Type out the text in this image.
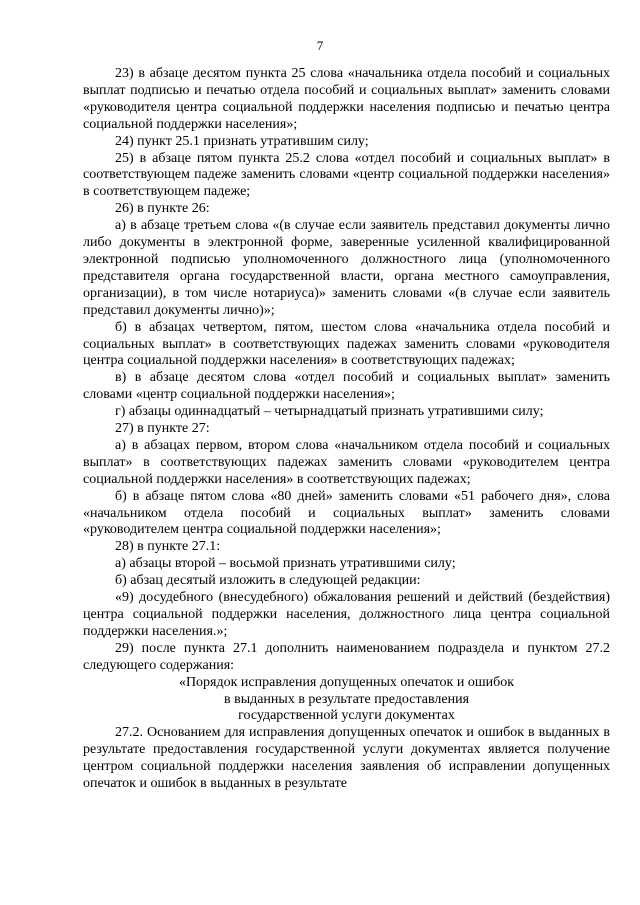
7

23) в абзаце десятом пункта 25 слова «начальника отдела пособий и социальных выплат подписью и печатью отдела пособий и социальных выплат» заменить словами «руководителя центра социальной поддержки населения подписью и печатью центра социальной поддержки населения»;

24) пункт 25.1 признать утратившим силу;

25) в абзаце пятом пункта 25.2 слова «отдел пособий и социальных выплат» в соответствующем падеже заменить словами «центр социальной поддержки населения» в соответствующем падеже;

26) в пункте 26:

а) в абзаце третьем слова «(в случае если заявитель представил документы лично либо документы в электронной форме, заверенные усиленной квалифицированной электронной подписью уполномоченного должностного лица (уполномоченного представителя органа государственной власти, органа местного самоуправления, организации), в том числе нотариуса)» заменить словами «(в случае если заявитель представил документы лично)»;

б) в абзацах четвертом, пятом, шестом слова «начальника отдела пособий и социальных выплат» в соответствующих падежах заменить словами «руководителя центра социальной поддержки населения» в соответствующих падежах;

в) в абзаце десятом слова «отдел пособий и социальных выплат» заменить словами «центр социальной поддержки населения»;

г) абзацы одиннадцатый – четырнадцатый признать утратившими силу;

27) в пункте 27:

а) в абзацах первом, втором слова «начальником отдела пособий и социальных выплат» в соответствующих падежах заменить словами «руководителем центра социальной поддержки населения» в соответствующих падежах;

б) в абзаце пятом слова «80 дней» заменить словами «51 рабочего дня», слова «начальником отдела пособий и социальных выплат» заменить словами «руководителем центра социальной поддержки населения»;

28) в пункте 27.1:

а) абзацы второй – восьмой признать утратившими силу;

б) абзац десятый изложить в следующей редакции:

«9) досудебного (внесудебного) обжалования решений и действий (бездействия) центра социальной поддержки населения, должностного лица центра социальной поддержки населения.»;

29) после пункта 27.1 дополнить наименованием подраздела и пунктом 27.2 следующего содержания:

«Порядок исправления допущенных опечаток и ошибок

в выданных в результате предоставления

государственной услуги документах

27.2. Основанием для исправления допущенных опечаток и ошибок в выданных в результате предоставления государственной услуги документах является получение центром социальной поддержки населения заявления об исправлении допущенных опечаток и ошибок в выданных в результате
